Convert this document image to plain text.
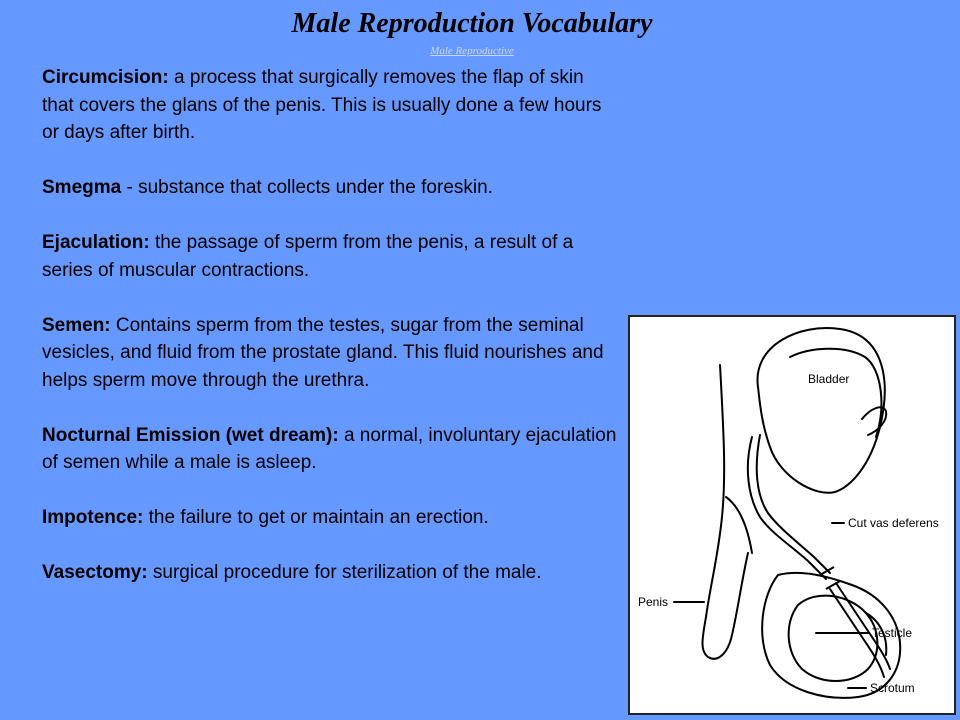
Male Reproduction Vocabulary
Male Reproductive

Circumcision: a process that surgically removes the flap of skin that covers the glans of the penis. This is usually done a few hours or days after birth.

Smegma - substance that collects under the foreskin.

Ejaculation: the passage of sperm from the penis, a result of a series of muscular contractions.

Semen: Contains sperm from the testes, sugar from the seminal vesicles, and fluid from the prostate gland. This fluid nourishes and helps sperm move through the urethra.

Nocturnal Emission (wet dream): a normal, involuntary ejaculation of semen while a male is asleep.

Impotence: the failure to get or maintain an erection.

Vasectomy: surgical procedure for sterilization of the male.

Bladder
Cut vas deferens
Penis
Testicle
Scrotum
